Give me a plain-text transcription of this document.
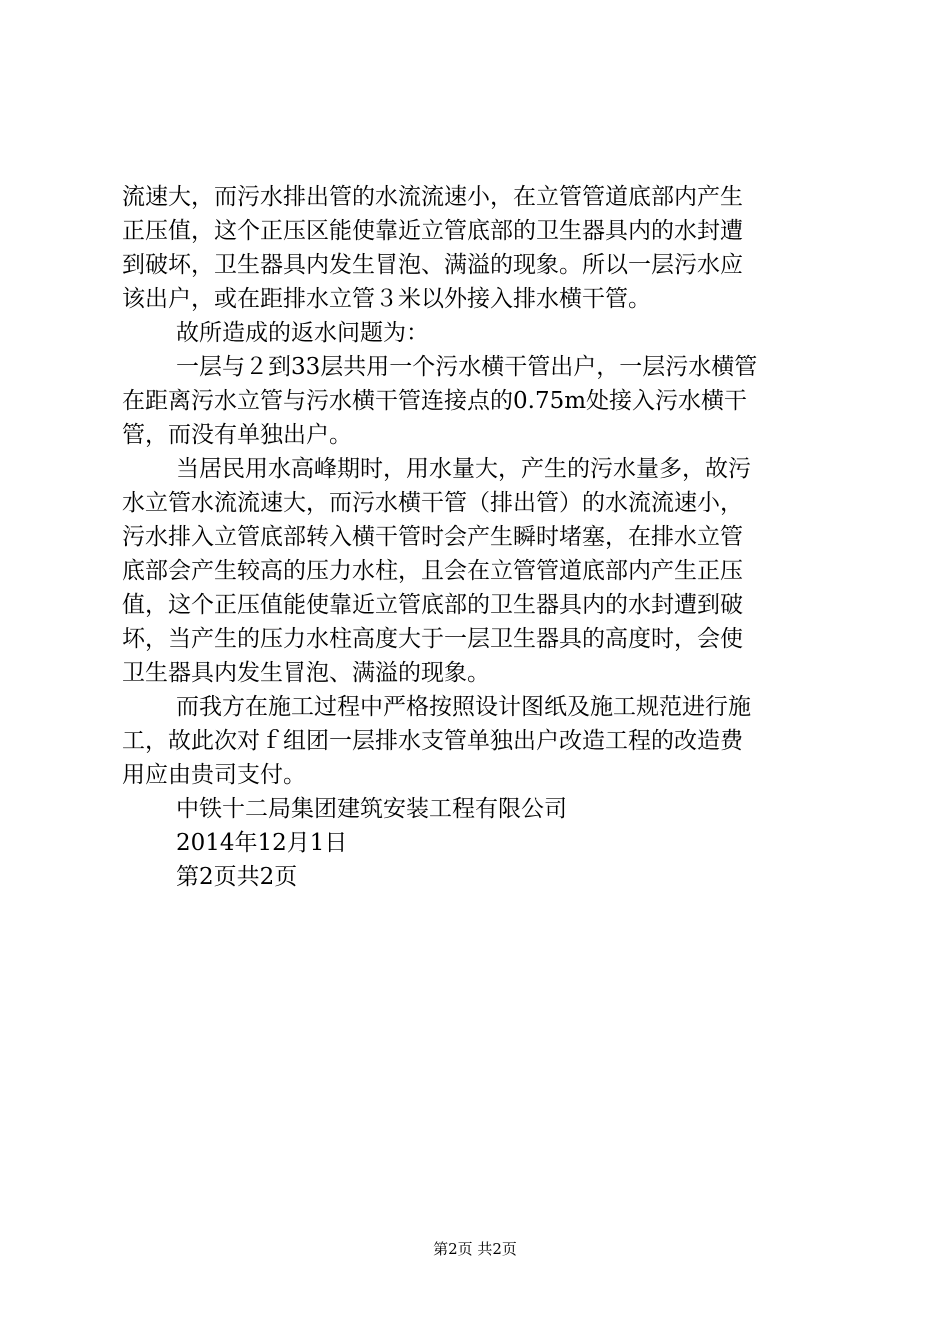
流速大，而污水排出管的水流流速小，在立管管道底部内产生
正压值，这个正压区能使靠近立管底部的卫生器具内的水封遭
到破坏，卫生器具内发生冒泡、满溢的现象。所以一层污水应
该出户，或在距排水立管３米以外接入排水横干管。
故所造成的返水问题为：
一层与２到33层共用一个污水横干管出户，一层污水横管
在距离污水立管与污水横干管连接点的0.75m处接入污水横干
管，而没有单独出户。
当居民用水高峰期时，用水量大，产生的污水量多，故污
水立管水流流速大，而污水横干管（排出管）的水流流速小，
污水排入立管底部转入横干管时会产生瞬时堵塞，在排水立管
底部会产生较高的压力水柱，且会在立管管道底部内产生正压
值，这个正压值能使靠近立管底部的卫生器具内的水封遭到破
坏，当产生的压力水柱高度大于一层卫生器具的高度时，会使
卫生器具内发生冒泡、满溢的现象。
而我方在施工过程中严格按照设计图纸及施工规范进行施
工，故此次对ｆ组团一层排水支管单独出户改造工程的改造费
用应由贵司支付。
中铁十二局集团建筑安装工程有限公司
2014年12月1日
第2页共2页
第2页 共2页
